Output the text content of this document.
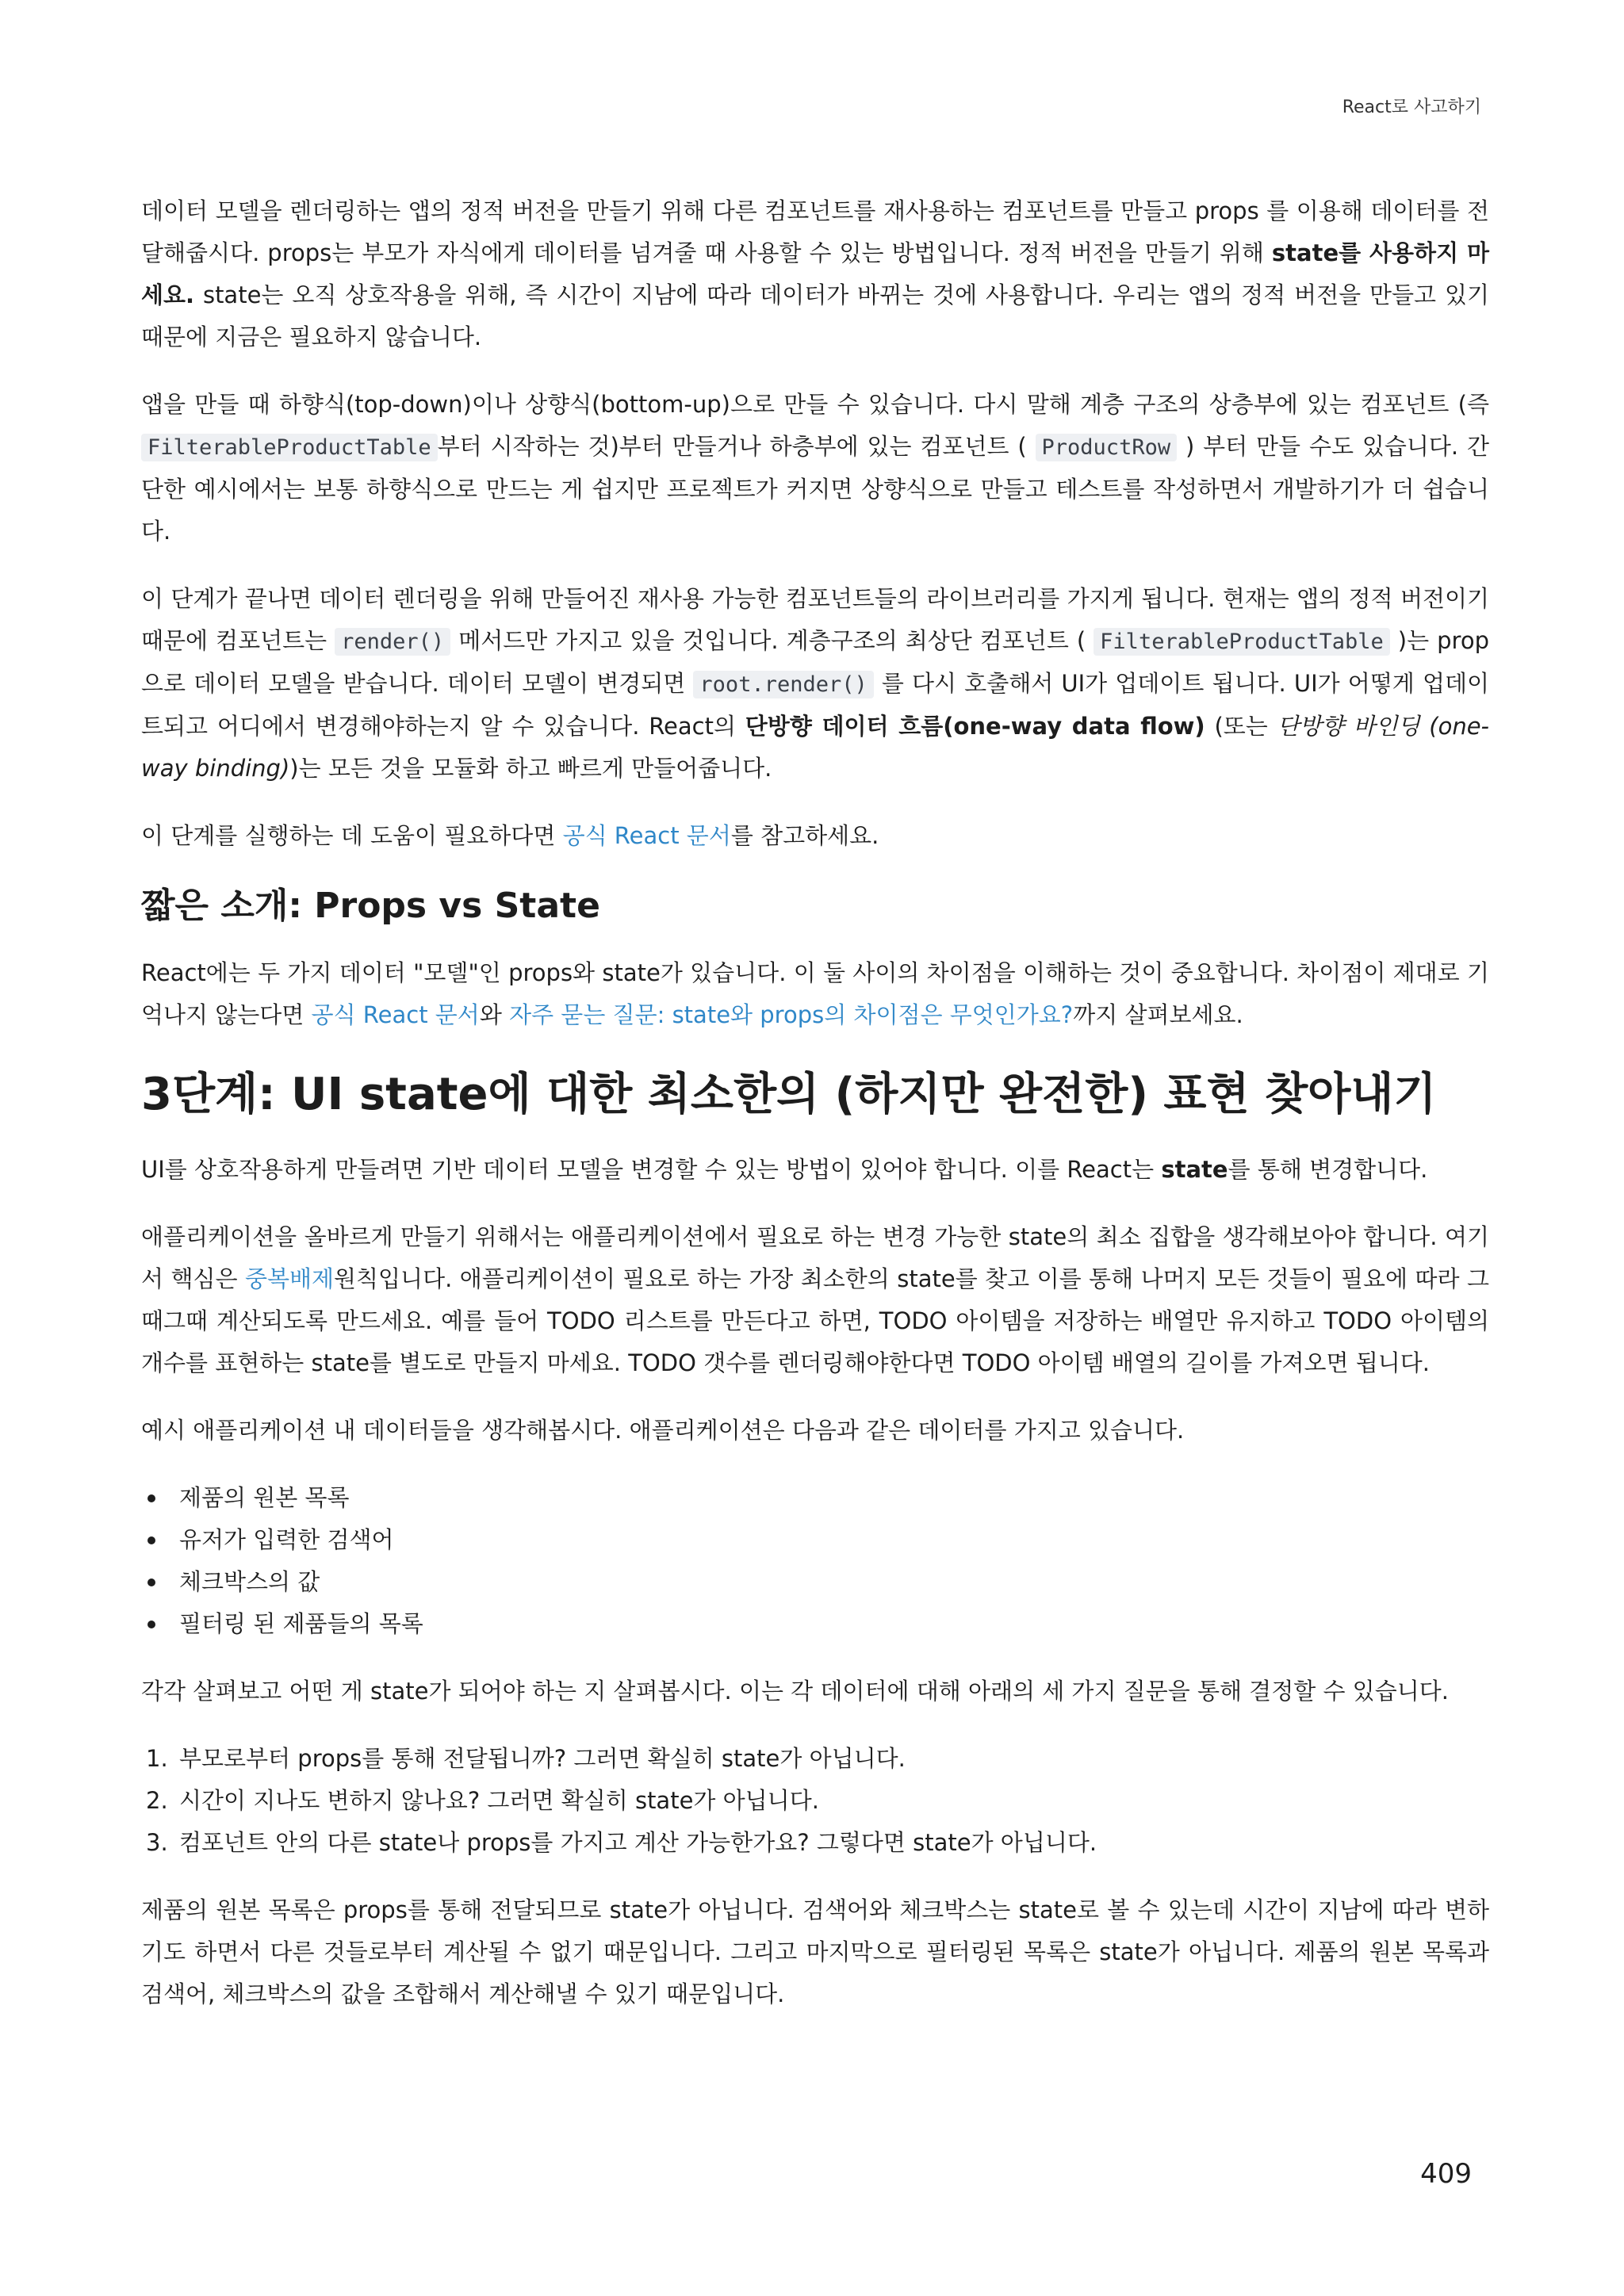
React로 사고하기

데이터 모델을 렌더링하는 앱의 정적 버전을 만들기 위해 다른 컴포넌트를 재사용하는 컴포넌트를 만들고 props 를 이용해 데이터를 전달해줍시다. props는 부모가 자식에게 데이터를 넘겨줄 때 사용할 수 있는 방법입니다. 정적 버전을 만들기 위해 state를 사용하지 마세요. state는 오직 상호작용을 위해, 즉 시간이 지남에 따라 데이터가 바뀌는 것에 사용합니다. 우리는 앱의 정적 버전을 만들고 있기 때문에 지금은 필요하지 않습니다.

앱을 만들 때 하향식(top-down)이나 상향식(bottom-up)으로 만들 수 있습니다. 다시 말해 계층 구조의 상층부에 있는 컴포넌트 (즉 FilterableProductTable 부터 시작하는 것)부터 만들거나 하층부에 있는 컴포넌트 ( ProductRow ) 부터 만들 수도 있습니다. 간단한 예시에서는 보통 하향식으로 만드는 게 쉽지만 프로젝트가 커지면 상향식으로 만들고 테스트를 작성하면서 개발하기가 더 쉽습니다.

이 단계가 끝나면 데이터 렌더링을 위해 만들어진 재사용 가능한 컴포넌트들의 라이브러리를 가지게 됩니다. 현재는 앱의 정적 버전이기 때문에 컴포넌트는 render() 메서드만 가지고 있을 것입니다. 계층구조의 최상단 컴포넌트 ( FilterableProductTable )는 prop으로 데이터 모델을 받습니다. 데이터 모델이 변경되면 root.render() 를 다시 호출해서 UI가 업데이트 됩니다. UI가 어떻게 업데이트되고 어디에서 변경해야하는지 알 수 있습니다. React의 단방향 데이터 흐름(one-way data flow) (또는 단방향 바인딩 (one-way binding))는 모든 것을 모듈화 하고 빠르게 만들어줍니다.

이 단계를 실행하는 데 도움이 필요하다면 공식 React 문서를 참고하세요.

짧은 소개: Props vs State

React에는 두 가지 데이터 "모델"인 props와 state가 있습니다. 이 둘 사이의 차이점을 이해하는 것이 중요합니다. 차이점이 제대로 기억나지 않는다면 공식 React 문서와 자주 묻는 질문: state와 props의 차이점은 무엇인가요?까지 살펴보세요.

3단계: UI state에 대한 최소한의 (하지만 완전한) 표현 찾아내기

UI를 상호작용하게 만들려면 기반 데이터 모델을 변경할 수 있는 방법이 있어야 합니다. 이를 React는 state를 통해 변경합니다.

애플리케이션을 올바르게 만들기 위해서는 애플리케이션에서 필요로 하는 변경 가능한 state의 최소 집합을 생각해보아야 합니다. 여기서 핵심은 중복배제원칙입니다. 애플리케이션이 필요로 하는 가장 최소한의 state를 찾고 이를 통해 나머지 모든 것들이 필요에 따라 그때그때 계산되도록 만드세요. 예를 들어 TODO 리스트를 만든다고 하면, TODO 아이템을 저장하는 배열만 유지하고 TODO 아이템의 개수를 표현하는 state를 별도로 만들지 마세요. TODO 갯수를 렌더링해야한다면 TODO 아이템 배열의 길이를 가져오면 됩니다.

예시 애플리케이션 내 데이터들을 생각해봅시다. 애플리케이션은 다음과 같은 데이터를 가지고 있습니다.

제품의 원본 목록
유저가 입력한 검색어
체크박스의 값
필터링 된 제품들의 목록

각각 살펴보고 어떤 게 state가 되어야 하는 지 살펴봅시다. 이는 각 데이터에 대해 아래의 세 가지 질문을 통해 결정할 수 있습니다.

1. 부모로부터 props를 통해 전달됩니까? 그러면 확실히 state가 아닙니다.
2. 시간이 지나도 변하지 않나요? 그러면 확실히 state가 아닙니다.
3. 컴포넌트 안의 다른 state나 props를 가지고 계산 가능한가요? 그렇다면 state가 아닙니다.

제품의 원본 목록은 props를 통해 전달되므로 state가 아닙니다. 검색어와 체크박스는 state로 볼 수 있는데 시간이 지남에 따라 변하기도 하면서 다른 것들로부터 계산될 수 없기 때문입니다. 그리고 마지막으로 필터링된 목록은 state가 아닙니다. 제품의 원본 목록과 검색어, 체크박스의 값을 조합해서 계산해낼 수 있기 때문입니다.

409
